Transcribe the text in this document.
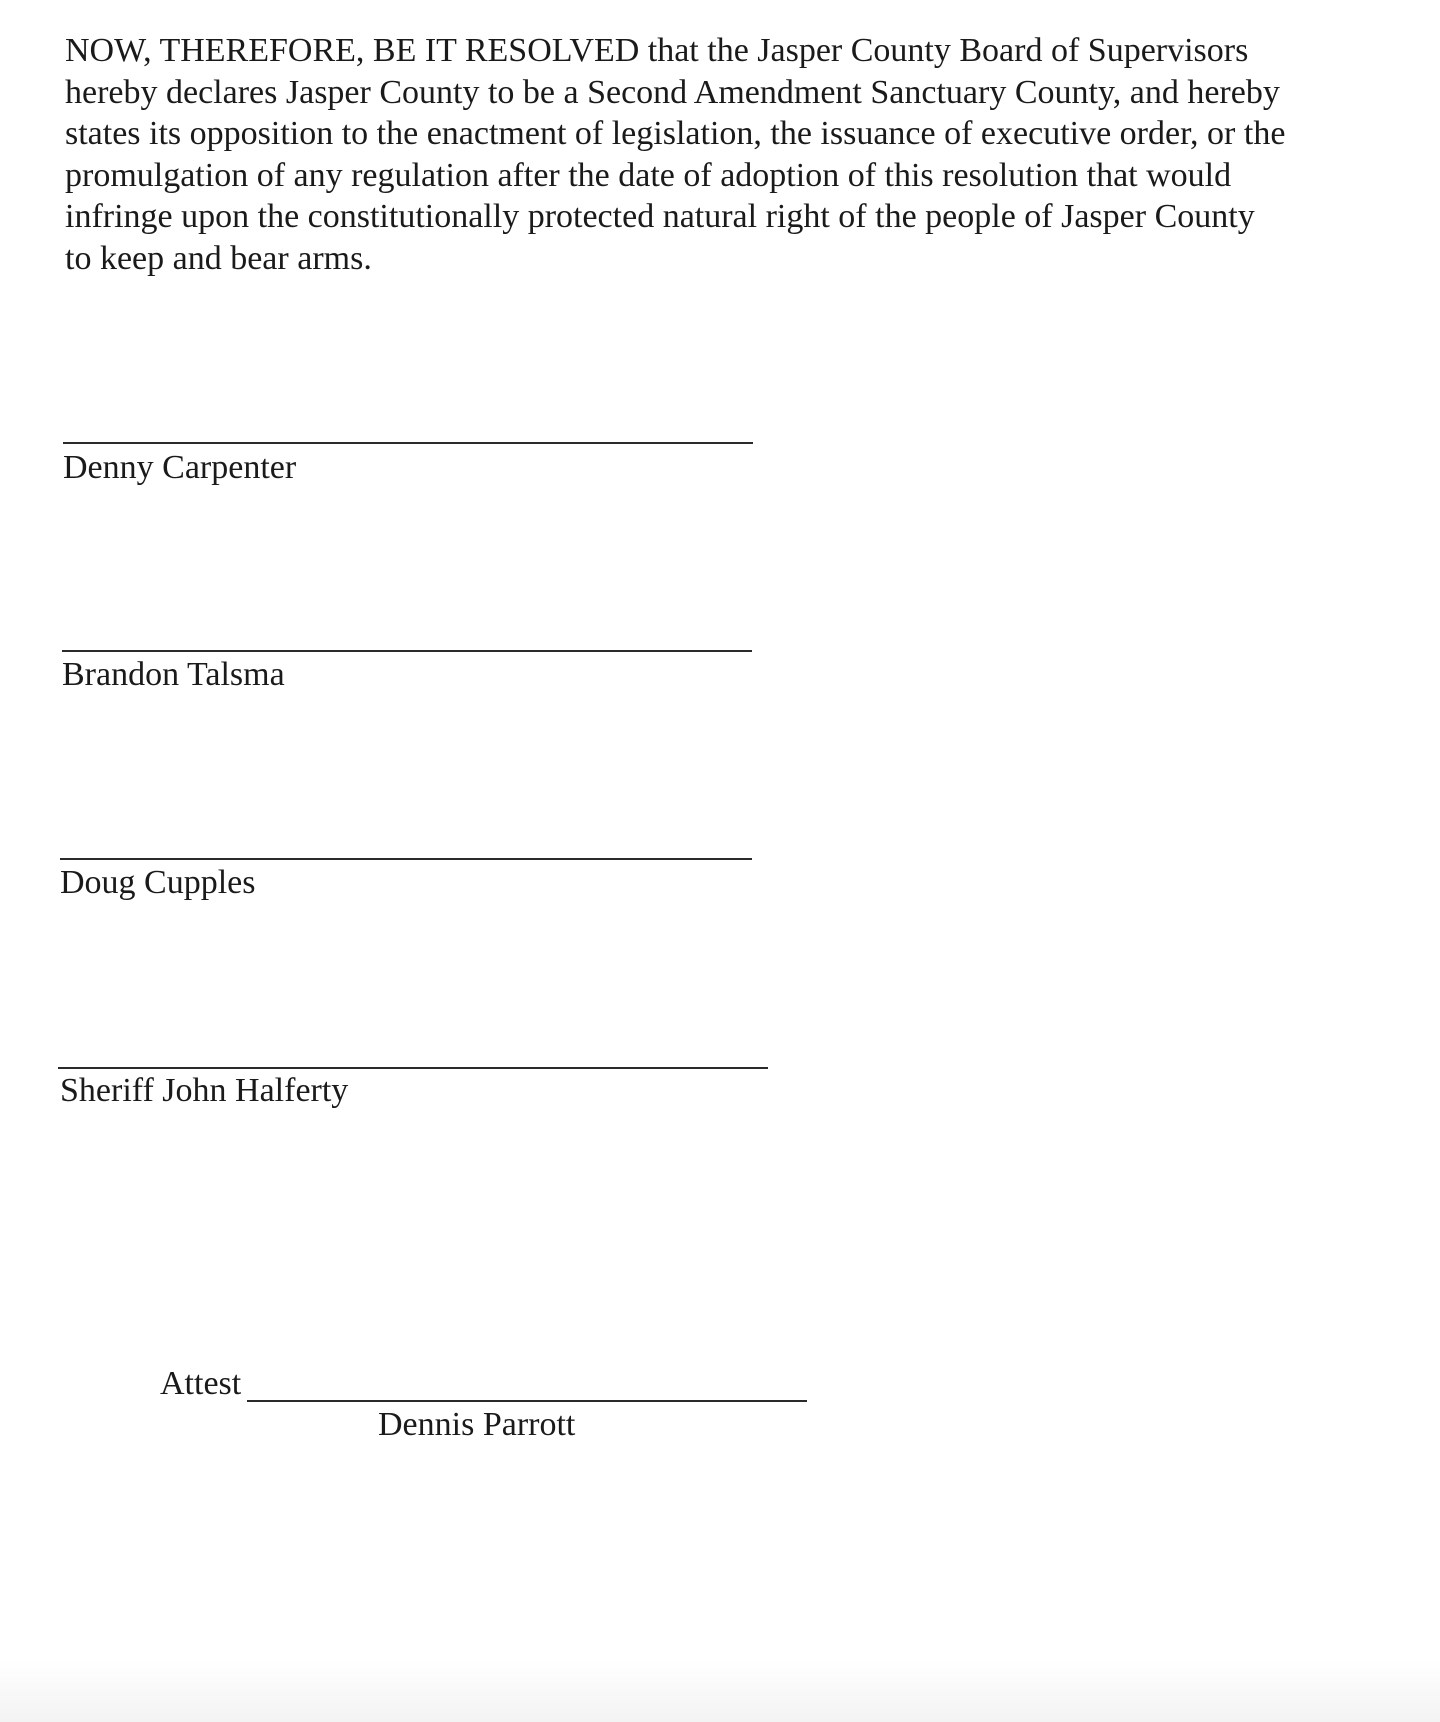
NOW, THEREFORE, BE IT RESOLVED that the Jasper County Board of Supervisors
hereby declares Jasper County to be a Second Amendment Sanctuary County, and hereby
states its opposition to the enactment of legislation, the issuance of executive order, or the
promulgation of any regulation after the date of adoption of this resolution that would
infringe upon the constitutionally protected natural right of the people of Jasper County
to keep and bear arms.

Denny Carpenter
Brandon Talsma
Doug Cupples
Sheriff John Halferty
Attest
Dennis Parrott
